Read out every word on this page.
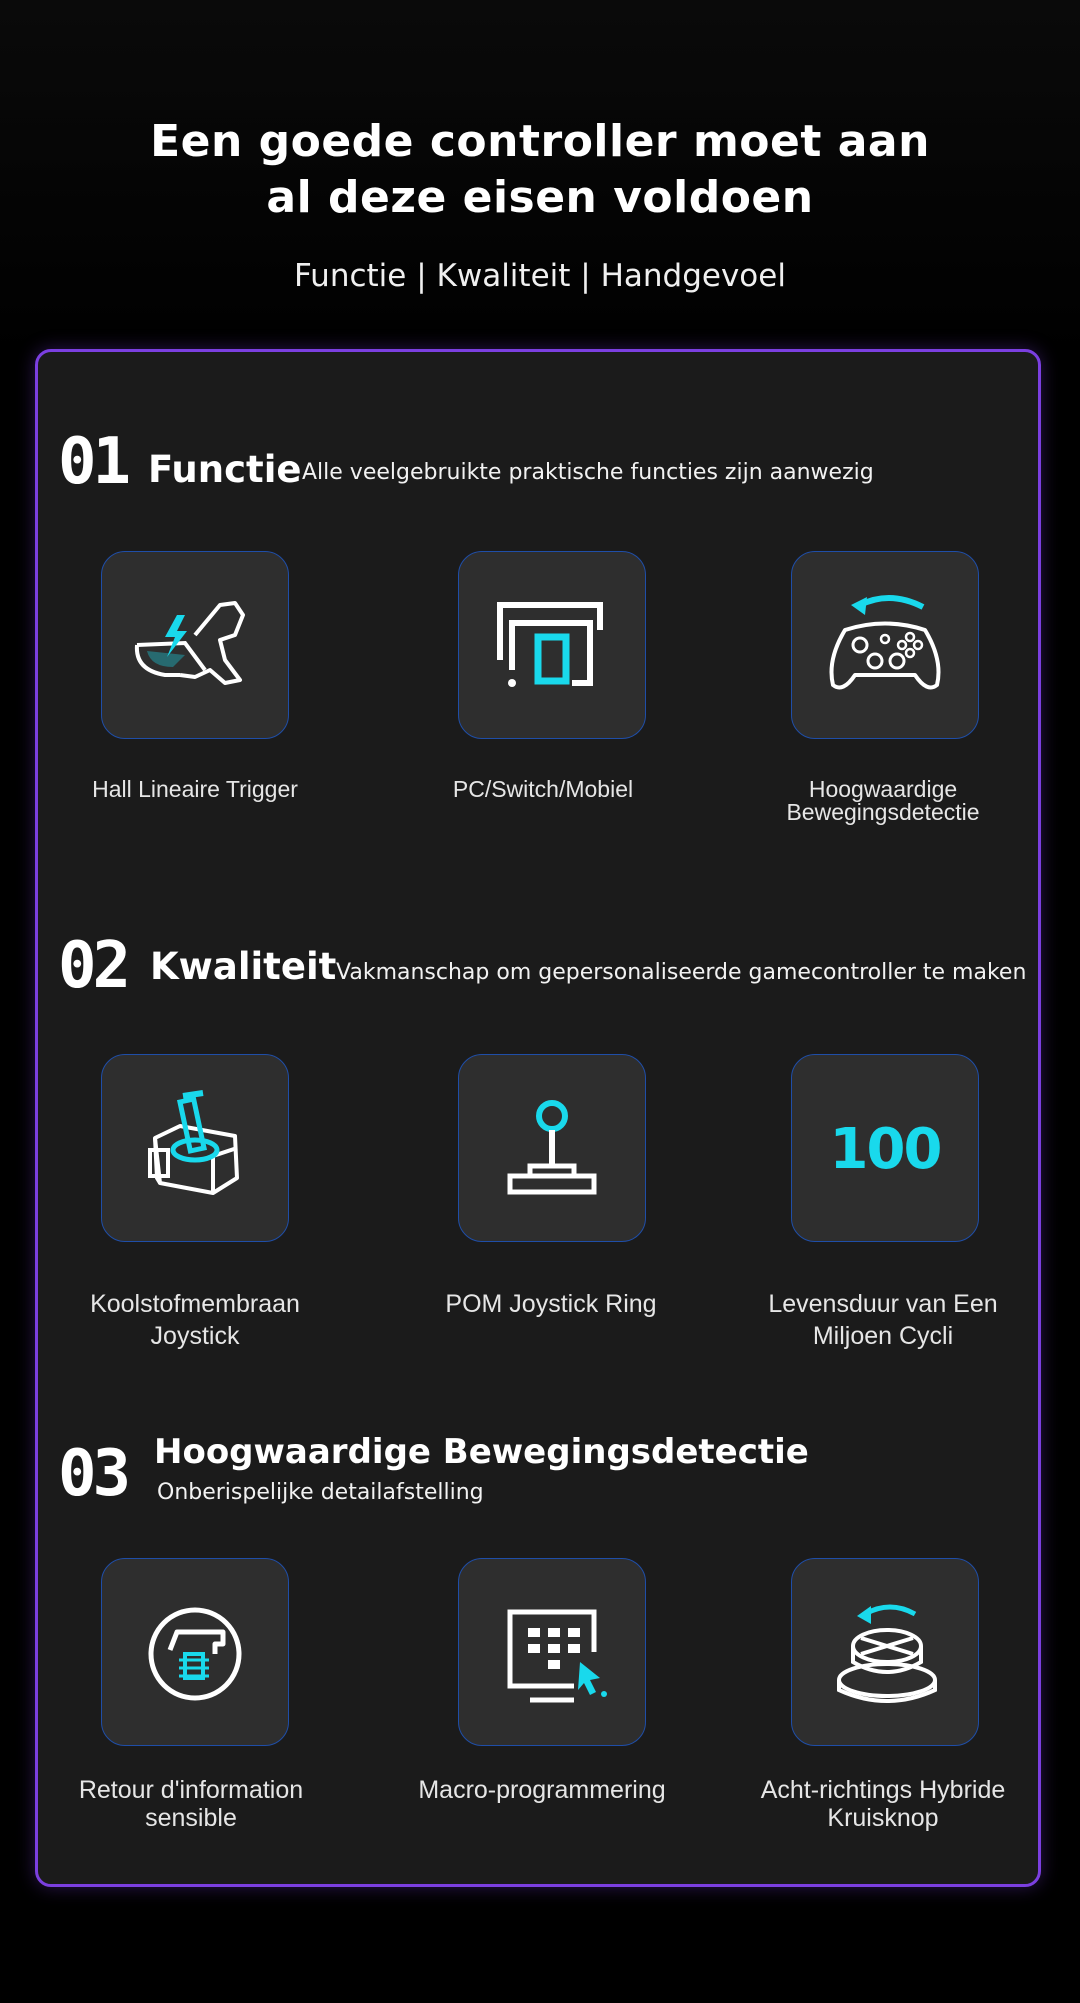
Een goede controller moet aan
al deze eisen voldoen
Functie | Kwaliteit | Handgevoel
01 Functie Alle veelgebruikte praktische functies zijn aanwezig
Hall Lineaire Trigger	PC/Switch/Mobiel	Hoogwaardige
Bewegingsdetectie
02 Kwaliteit Vakmanschap om gepersonaliseerde gamecontroller te maken
Koolstofmembraan
Joystick
POM Joystick Ring
100
Levensduur van Een
Miljoen Cycli
03 Hoogwaardige Bewegingsdetectie
Onberispelijke detailafstelling
Retour d'information
sensible
Macro-programmering	Acht-richtings Hybride
Kruisknop
